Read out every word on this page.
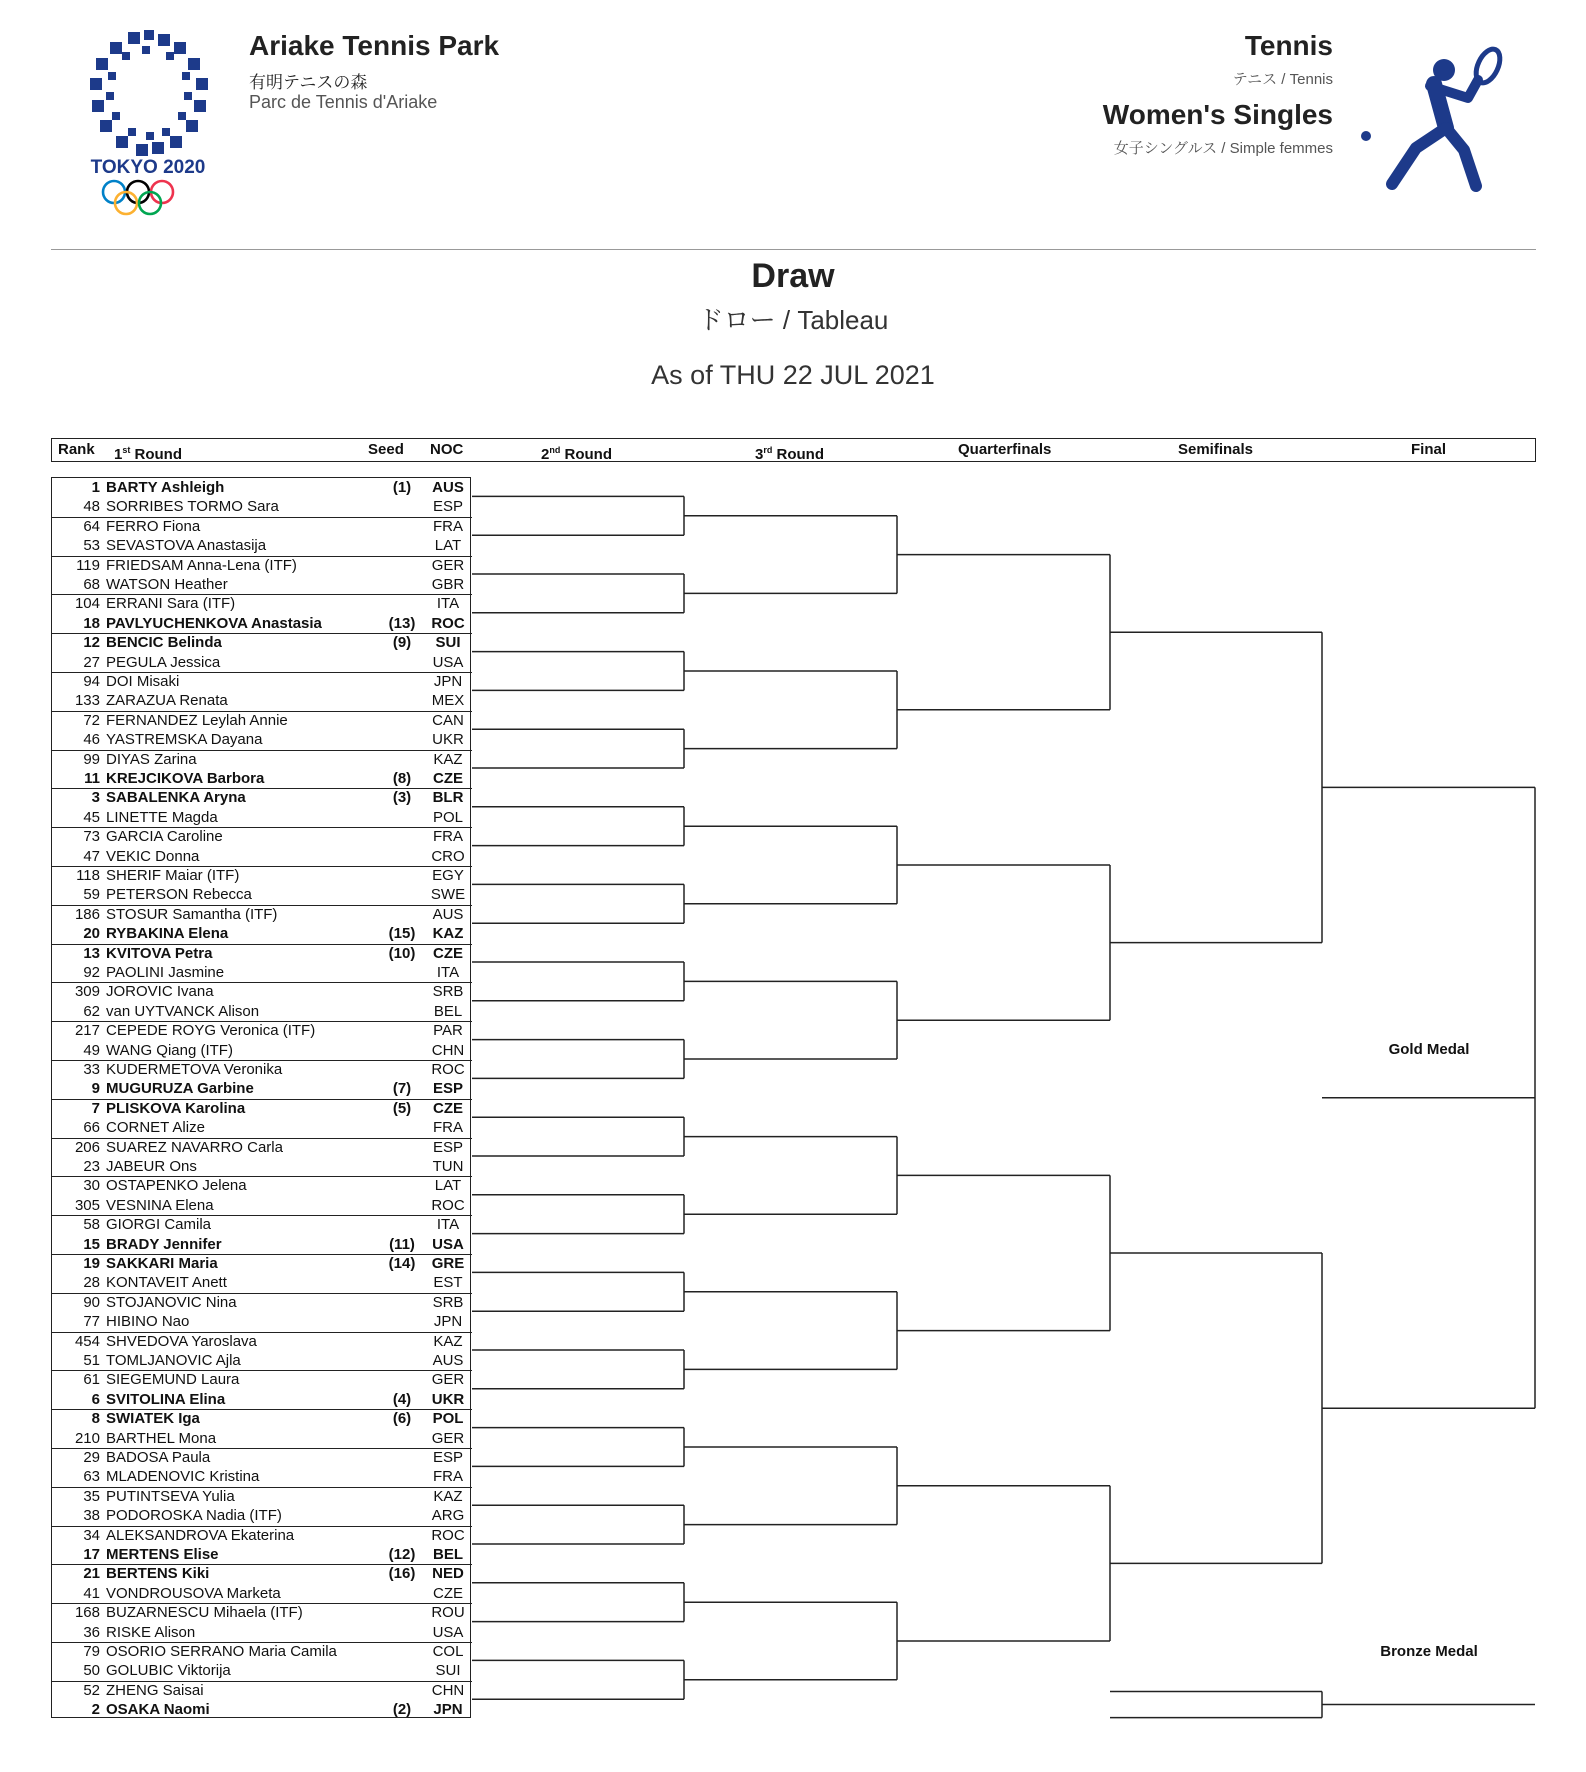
TOKYO 2020
Ariake Tennis Park
有明テニスの森
Parc de Tennis d'Ariake
Tennis
テニス / Tennis
Women's Singles
女子シングルス / Simple femmes
Draw
ドロー / Tableau
As of THU 22 JUL 2021
Rank 1st Round	Seed NOC	2nd Round	3rd Round	Quarterfinals	Semifinals	Final
1 BARTY Ashleigh	(1)	AUS
48 SORRIBES TORMO Sara	ESP
64 FERRO Fiona	FRA
53 SEVASTOVA Anastasija	LAT
119 FRIEDSAM Anna-Lena (ITF)	GER
68 WATSON Heather	GBR
104 ERRANI Sara (ITF)	ITA
18 PAVLYUCHENKOVA Anastasia	(13)	ROC
12 BENCIC Belinda	(9)	SUI
27 PEGULA Jessica	USA
94 DOI Misaki	JPN
133 ZARAZUA Renata	MEX
72 FERNANDEZ Leylah Annie	CAN
46 YASTREMSKA Dayana	UKR
99 DIYAS Zarina	KAZ
11 KREJCIKOVA Barbora	(8)	CZE
3 SABALENKA Aryna	(3)	BLR
45 LINETTE Magda	POL
73 GARCIA Caroline	FRA
47 VEKIC Donna	CRO
118 SHERIF Maiar (ITF)	EGY
59 PETERSON Rebecca	SWE
186 STOSUR Samantha (ITF)	AUS
20 RYBAKINA Elena	(15)	KAZ
13 KVITOVA Petra	(10)	CZE
92 PAOLINI Jasmine	ITA
309 JOROVIC Ivana	SRB
62 van UYTVANCK Alison	BEL
217 CEPEDE ROYG Veronica (ITF)	PAR
49 WANG Qiang (ITF)	CHN
33 KUDERMETOVA Veronika	ROC
9 MUGURUZA Garbine	(7)	ESP
7 PLISKOVA Karolina	(5)	CZE
66 CORNET Alize	FRA
206 SUAREZ NAVARRO Carla	ESP
23 JABEUR Ons	TUN
30 OSTAPENKO Jelena	LAT
305 VESNINA Elena	ROC
58 GIORGI Camila	ITA
15 BRADY Jennifer	(11)	USA
19 SAKKARI Maria	(14)	GRE
28 KONTAVEIT Anett	EST
90 STOJANOVIC Nina	SRB
77 HIBINO Nao	JPN
454 SHVEDOVA Yaroslava	KAZ
51 TOMLJANOVIC Ajla	AUS
61 SIEGEMUND Laura	GER
6 SVITOLINA Elina	(4)	UKR
8 SWIATEK Iga	(6)	POL
210 BARTHEL Mona	GER
29 BADOSA Paula	ESP
63 MLADENOVIC Kristina	FRA
35 PUTINTSEVA Yulia	KAZ
38 PODOROSKA Nadia (ITF)	ARG
34 ALEKSANDROVA Ekaterina	ROC
17 MERTENS Elise	(12)	BEL
21 BERTENS Kiki	(16)	NED
41 VONDROUSOVA Marketa	CZE
168 BUZARNESCU Mihaela (ITF)	ROU
36 RISKE Alison	USA
79 OSORIO SERRANO Maria Camila	COL
50 GOLUBIC Viktorija	SUI
52 ZHENG Saisai	CHN
2 OSAKA Naomi	(2)	JPN
Gold Medal
Bronze Medal
